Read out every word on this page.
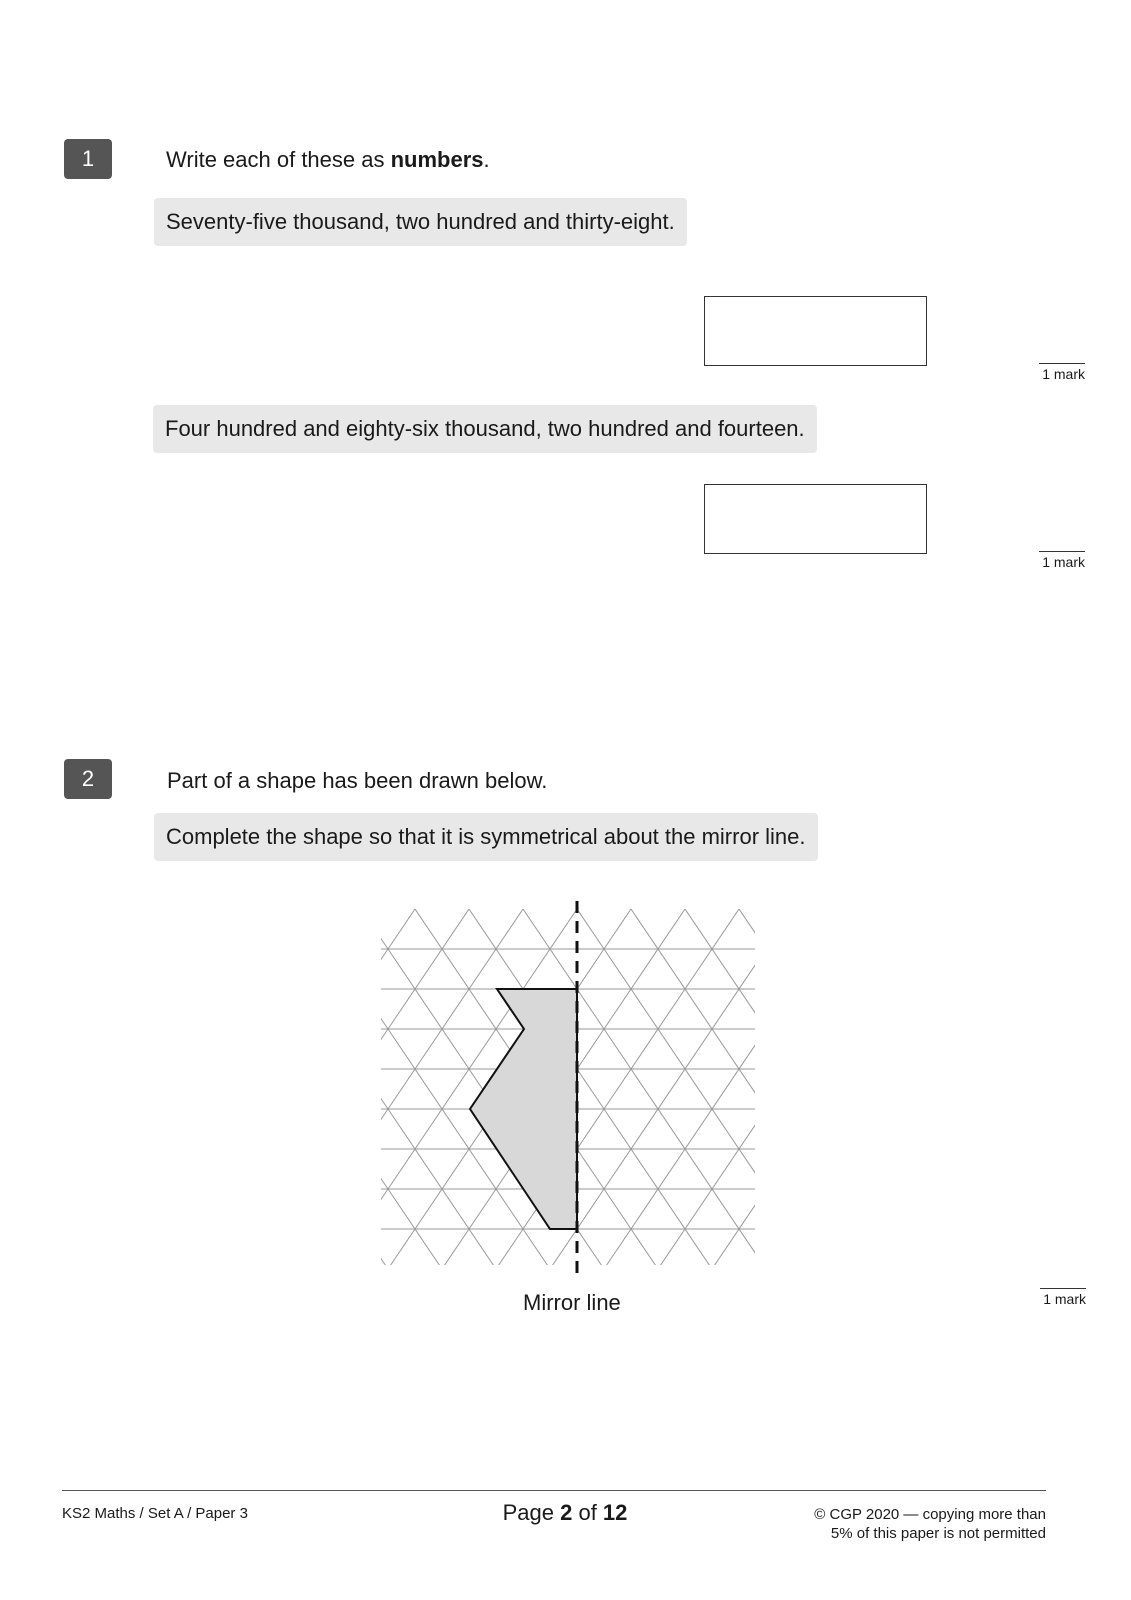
1	Write each of these as numbers.
Seventy-five thousand, two hundred and thirty-eight.
1 mark
Four hundred and eighty-six thousand, two hundred and fourteen.
1 mark
2	Part of a shape has been drawn below.
Complete the shape so that it is symmetrical about the mirror line.
Mirror line	1 mark
KS2 Maths / Set A / Paper 3	Page 2 of 12	© CGP 2020 — copying more than
5% of this paper is not permitted
